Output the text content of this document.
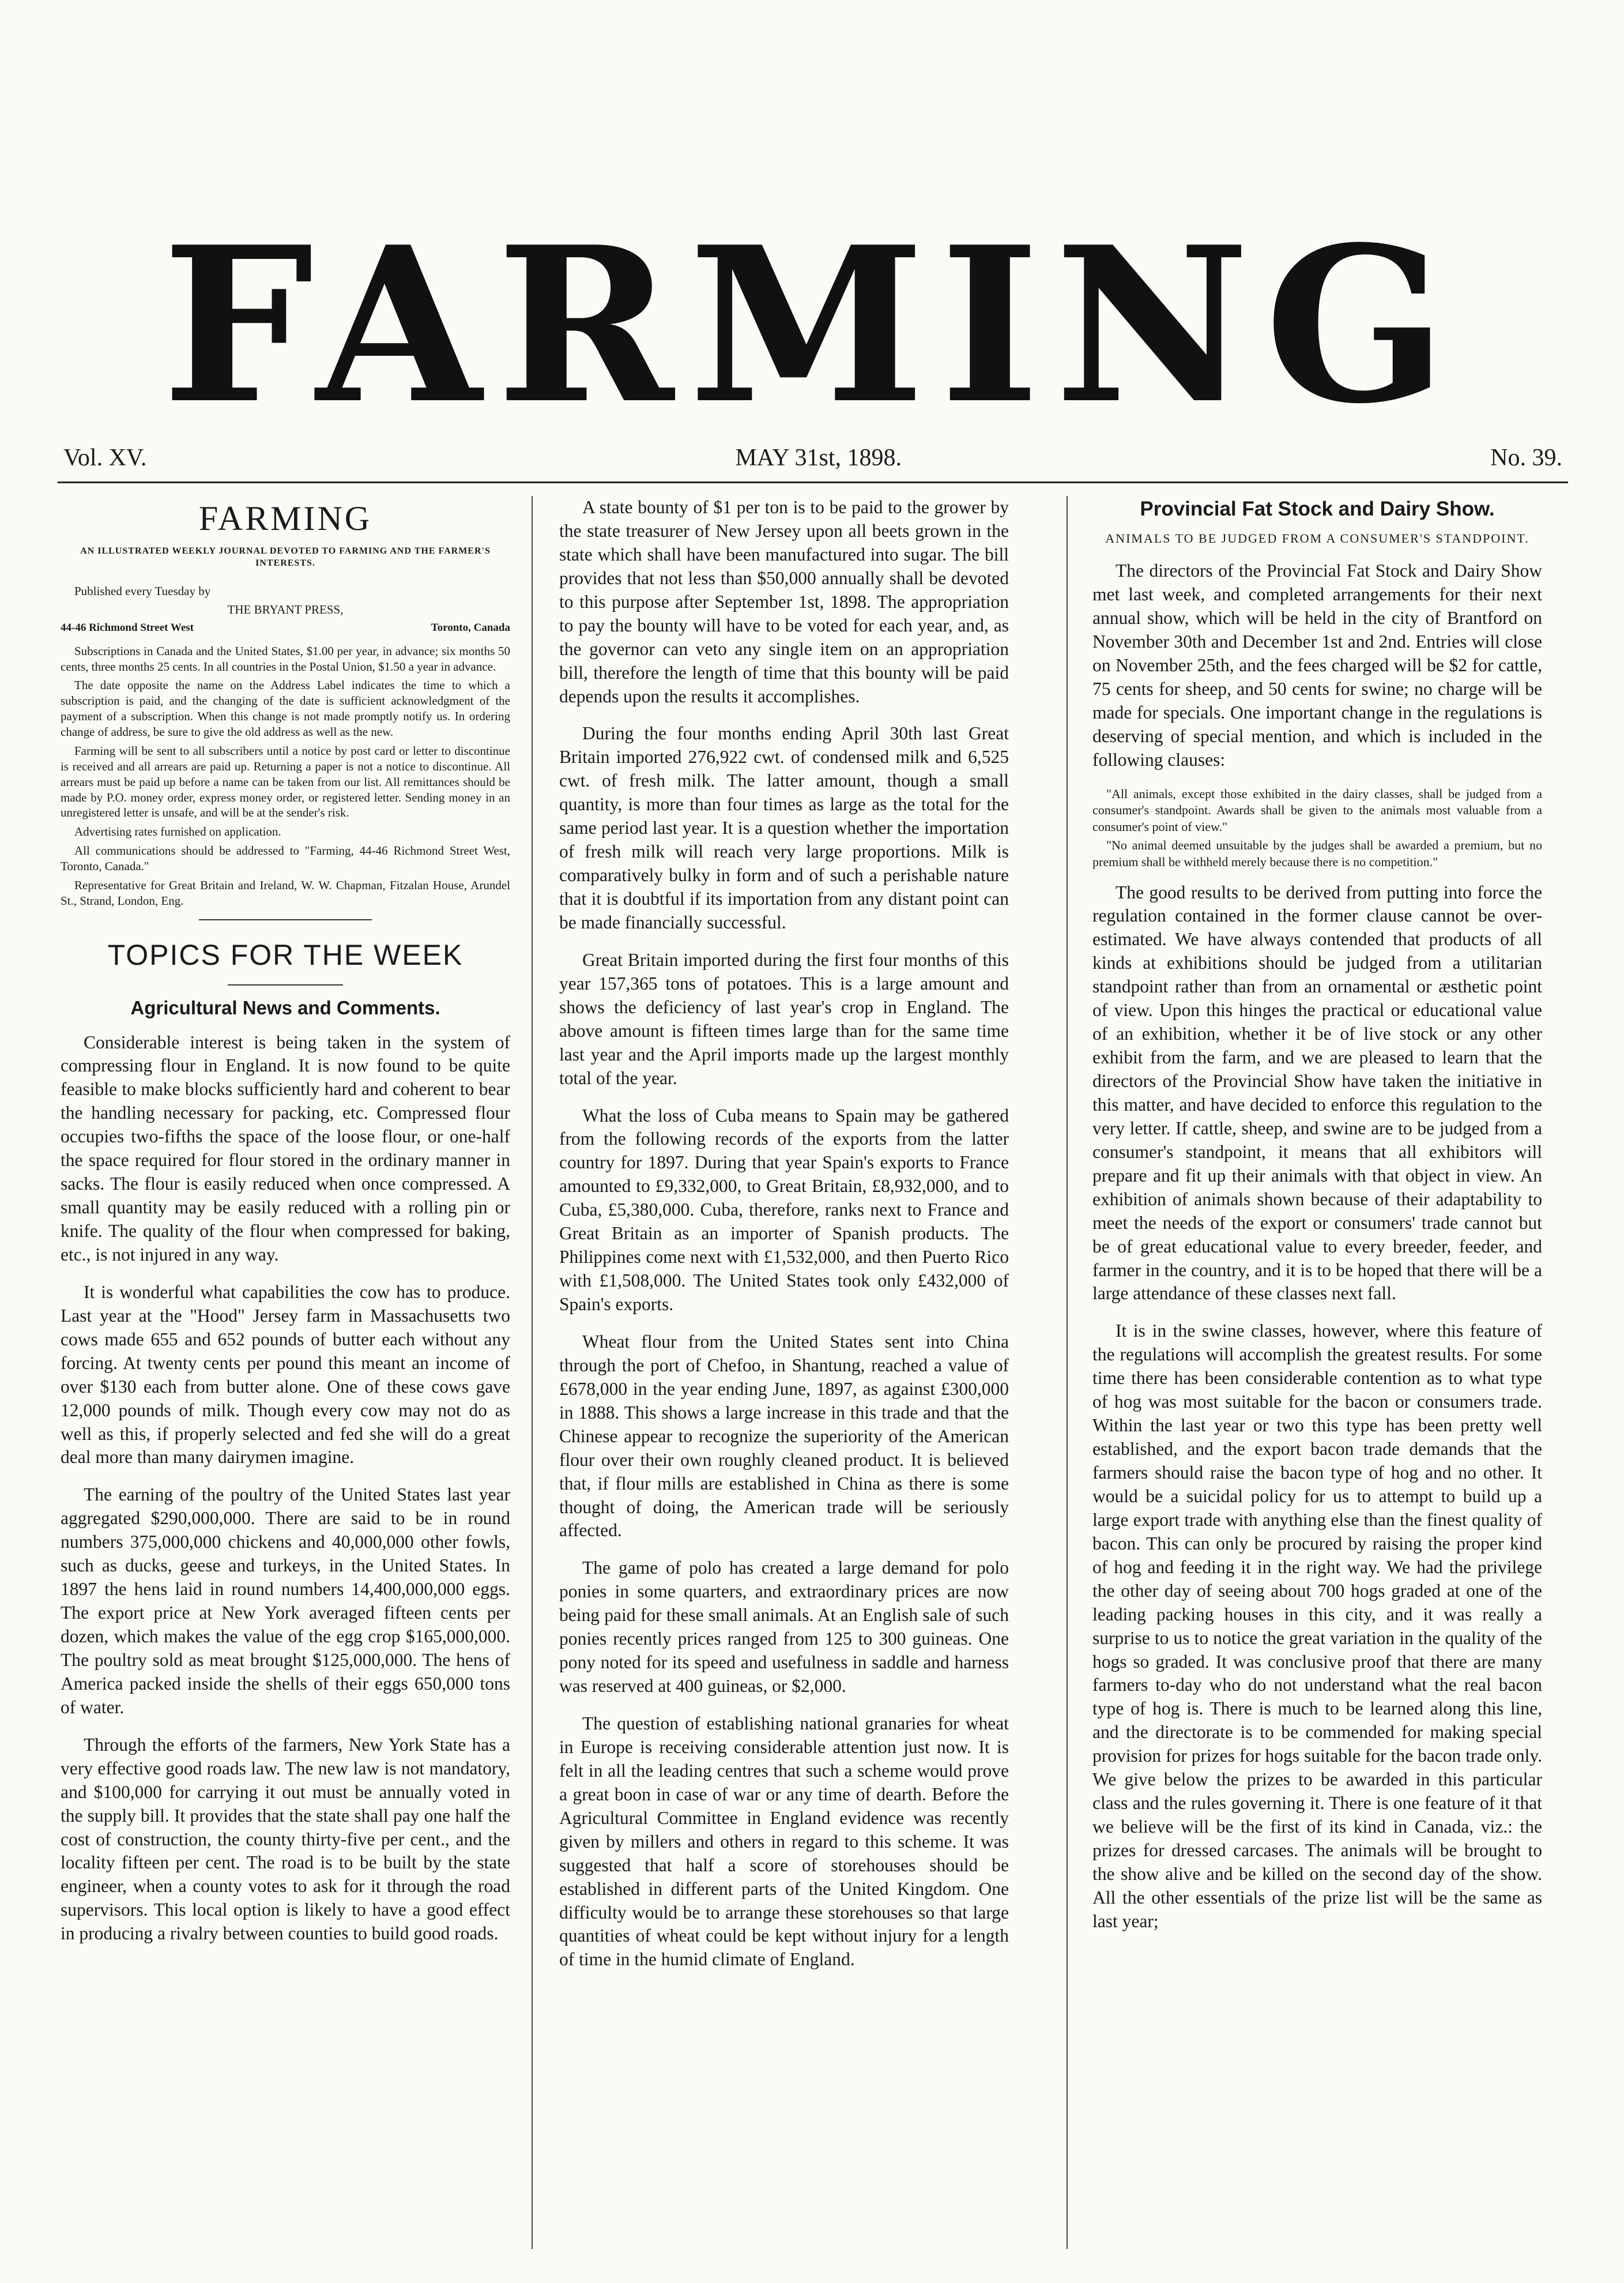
FARMING
Vol. XV.	MAY 31st, 1898.	No. 39.
FARMING
AN ILLUSTRATED WEEKLY JOURNAL DEVOTED TO FARMING AND THE FARMER'S INTERESTS.

Published every Tuesday by

THE BRYANT PRESS,

44-46 Richmond Street West	Toronto, Canada

Subscriptions in Canada and the United States, $1.00 per year, in advance; six months 50 cents, three months 25 cents. In all countries in the Postal Union, $1.50 a year in advance.

The date opposite the name on the Address Label indicates the time to which a subscription is paid, and the changing of the date is sufficient acknowledgment of the payment of a subscription. When this change is not made promptly notify us. In ordering change of address, be sure to give the old address as well as the new.

Farming will be sent to all subscribers until a notice by post card or letter to discontinue is received and all arrears are paid up. Returning a paper is not a notice to discontinue. All arrears must be paid up before a name can be taken from our list. All remittances should be made by P.O. money order, express money order, or registered letter. Sending money in an unregistered letter is unsafe, and will be at the sender's risk.

Advertising rates furnished on application.

All communications should be addressed to "Farming, 44-46 Richmond Street West, Toronto, Canada."

Representative for Great Britain and Ireland, W. W. Chapman, Fitzalan House, Arundel St., Strand, London, Eng.

TOPICS FOR THE WEEK
Agricultural News and Comments.

Considerable interest is being taken in the system of compressing flour in England. It is now found to be quite feasible to make blocks sufficiently hard and coherent to bear the handling necessary for packing, etc. Compressed flour occupies two-fifths the space of the loose flour, or one-half the space required for flour stored in the ordinary manner in sacks. The flour is easily reduced when once compressed. A small quantity may be easily reduced with a rolling pin or knife. The quality of the flour when compressed for baking, etc., is not injured in any way.

It is wonderful what capabilities the cow has to produce. Last year at the "Hood" Jersey farm in Massachusetts two cows made 655 and 652 pounds of butter each without any forcing. At twenty cents per pound this meant an income of over $130 each from butter alone. One of these cows gave 12,000 pounds of milk. Though every cow may not do as well as this, if properly selected and fed she will do a great deal more than many dairymen imagine.

The earning of the poultry of the United States last year aggregated $290,000,000. There are said to be in round numbers 375,000,000 chickens and 40,000,000 other fowls, such as ducks, geese and turkeys, in the United States. In 1897 the hens laid in round numbers 14,400,000,000 eggs. The export price at New York averaged fifteen cents per dozen, which makes the value of the egg crop $165,000,000. The poultry sold as meat brought $125,000,000. The hens of America packed inside the shells of their eggs 650,000 tons of water.

Through the efforts of the farmers, New York State has a very effective good roads law. The new law is not mandatory, and $100,000 for carrying it out must be annually voted in the supply bill. It provides that the state shall pay one half the cost of construction, the county thirty-five per cent., and the locality fifteen per cent. The road is to be built by the state engineer, when a county votes to ask for it through the road supervisors. This local option is likely to have a good effect in producing a rivalry between counties to build good roads.

A state bounty of $1 per ton is to be paid to the grower by the state treasurer of New Jersey upon all beets grown in the state which shall have been manufactured into sugar. The bill provides that not less than $50,000 annually shall be devoted to this purpose after September 1st, 1898. The appropriation to pay the bounty will have to be voted for each year, and, as the governor can veto any single item on an appropriation bill, therefore the length of time that this bounty will be paid depends upon the results it accomplishes.

During the four months ending April 30th last Great Britain imported 276,922 cwt. of condensed milk and 6,525 cwt. of fresh milk. The latter amount, though a small quantity, is more than four times as large as the total for the same period last year. It is a question whether the importation of fresh milk will reach very large proportions. Milk is comparatively bulky in form and of such a perishable nature that it is doubtful if its importation from any distant point can be made financially successful.

Great Britain imported during the first four months of this year 157,365 tons of potatoes. This is a large amount and shows the deficiency of last year's crop in England. The above amount is fifteen times large than for the same time last year and the April imports made up the largest monthly total of the year.

What the loss of Cuba means to Spain may be gathered from the following records of the exports from the latter country for 1897. During that year Spain's exports to France amounted to £9,332,000, to Great Britain, £8,932,000, and to Cuba, £5,380,000. Cuba, therefore, ranks next to France and Great Britain as an importer of Spanish products. The Philippines come next with £1,532,000, and then Puerto Rico with £1,508,000. The United States took only £432,000 of Spain's exports.

Wheat flour from the United States sent into China through the port of Chefoo, in Shantung, reached a value of £678,000 in the year ending June, 1897, as against £300,000 in 1888. This shows a large increase in this trade and that the Chinese appear to recognize the superiority of the American flour over their own roughly cleaned product. It is believed that, if flour mills are established in China as there is some thought of doing, the American trade will be seriously affected.

The game of polo has created a large demand for polo ponies in some quarters, and extraordinary prices are now being paid for these small animals. At an English sale of such ponies recently prices ranged from 125 to 300 guineas. One pony noted for its speed and usefulness in saddle and harness was reserved at 400 guineas, or $2,000.

The question of establishing national granaries for wheat in Europe is receiving considerable attention just now. It is felt in all the leading centres that such a scheme would prove a great boon in case of war or any time of dearth. Before the Agricultural Committee in England evidence was recently given by millers and others in regard to this scheme. It was suggested that half a score of storehouses should be established in different parts of the United Kingdom. One difficulty would be to arrange these storehouses so that large quantities of wheat could be kept without injury for a length of time in the humid climate of England.

Provincial Fat Stock and Dairy Show.
ANIMALS TO BE JUDGED FROM A CONSUMER'S STANDPOINT.

The directors of the Provincial Fat Stock and Dairy Show met last week, and completed arrangements for their next annual show, which will be held in the city of Brantford on November 30th and December 1st and 2nd. Entries will close on November 25th, and the fees charged will be $2 for cattle, 75 cents for sheep, and 50 cents for swine; no charge will be made for specials. One important change in the regulations is deserving of special mention, and which is included in the following clauses:

"All animals, except those exhibited in the dairy classes, shall be judged from a consumer's standpoint. Awards shall be given to the animals most valuable from a consumer's point of view."

"No animal deemed unsuitable by the judges shall be awarded a premium, but no premium shall be withheld merely because there is no competition."

The good results to be derived from putting into force the regulation contained in the former clause cannot be over-estimated. We have always contended that products of all kinds at exhibitions should be judged from a utilitarian standpoint rather than from an ornamental or æsthetic point of view. Upon this hinges the practical or educational value of an exhibition, whether it be of live stock or any other exhibit from the farm, and we are pleased to learn that the directors of the Provincial Show have taken the initiative in this matter, and have decided to enforce this regulation to the very letter. If cattle, sheep, and swine are to be judged from a consumer's standpoint, it means that all exhibitors will prepare and fit up their animals with that object in view. An exhibition of animals shown because of their adaptability to meet the needs of the export or consumers' trade cannot but be of great educational value to every breeder, feeder, and farmer in the country, and it is to be hoped that there will be a large attendance of these classes next fall.

It is in the swine classes, however, where this feature of the regulations will accomplish the greatest results. For some time there has been considerable contention as to what type of hog was most suitable for the bacon or consumers trade. Within the last year or two this type has been pretty well established, and the export bacon trade demands that the farmers should raise the bacon type of hog and no other. It would be a suicidal policy for us to attempt to build up a large export trade with anything else than the finest quality of bacon. This can only be procured by raising the proper kind of hog and feeding it in the right way. We had the privilege the other day of seeing about 700 hogs graded at one of the leading packing houses in this city, and it was really a surprise to us to notice the great variation in the quality of the hogs so graded. It was conclusive proof that there are many farmers to-day who do not understand what the real bacon type of hog is. There is much to be learned along this line, and the directorate is to be commended for making special provision for prizes for hogs suitable for the bacon trade only. We give below the prizes to be awarded in this particular class and the rules governing it. There is one feature of it that we believe will be the first of its kind in Canada, viz.: the prizes for dressed carcases. The animals will be brought to the show alive and be killed on the second day of the show. All the other essentials of the prize list will be the same as last year;
